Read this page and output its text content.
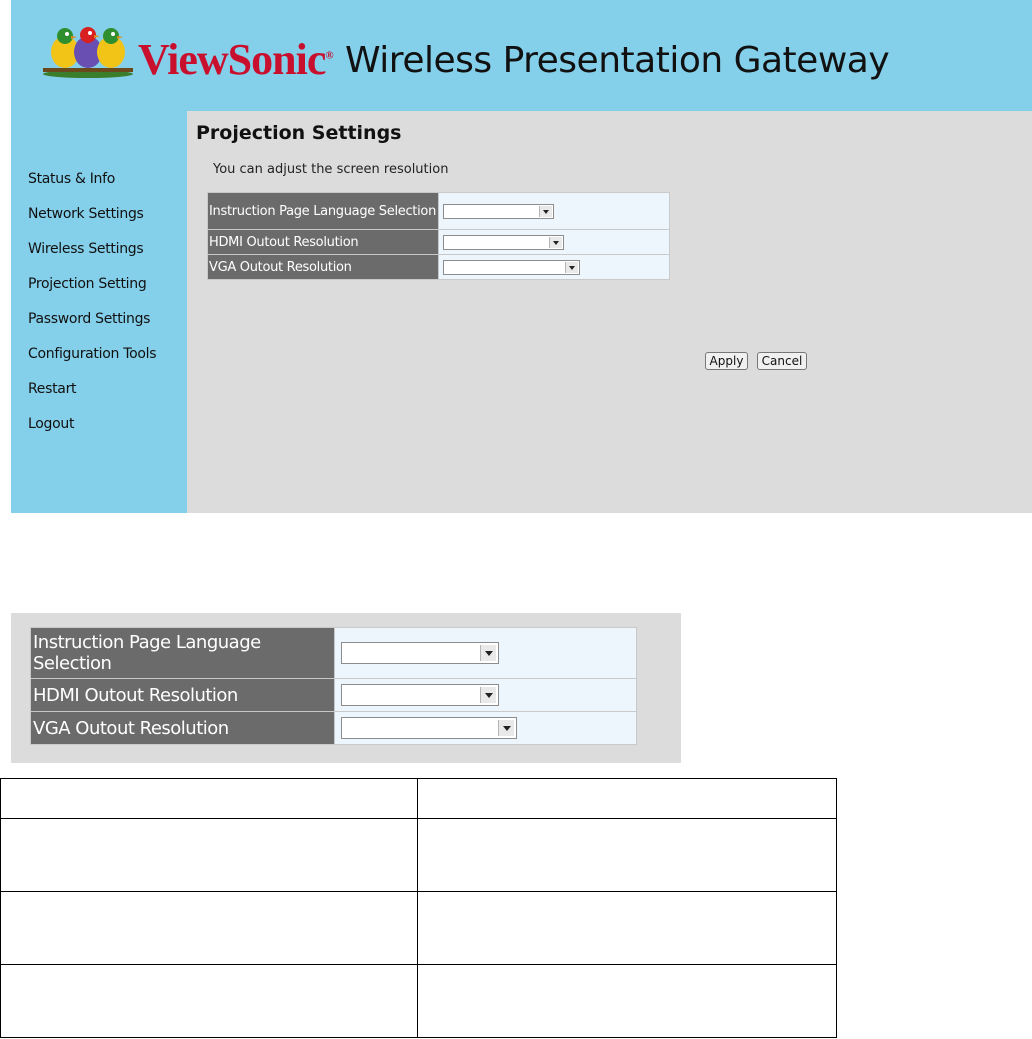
ViewSonic® Wireless Presentation Gateway
Status & Info
Network Settings
Wireless Settings
Projection Setting
Password Settings
Configuration Tools
Restart
Logout
Projection Settings
You can adjust the screen resolution
Instruction Page Language Selection	

HDMI Outout Resolution	

VGA Outout Resolution	
Apply	Cancel
Instruction Page Language Selection	

HDMI Outout Resolution	

VGA Outout Resolution	
